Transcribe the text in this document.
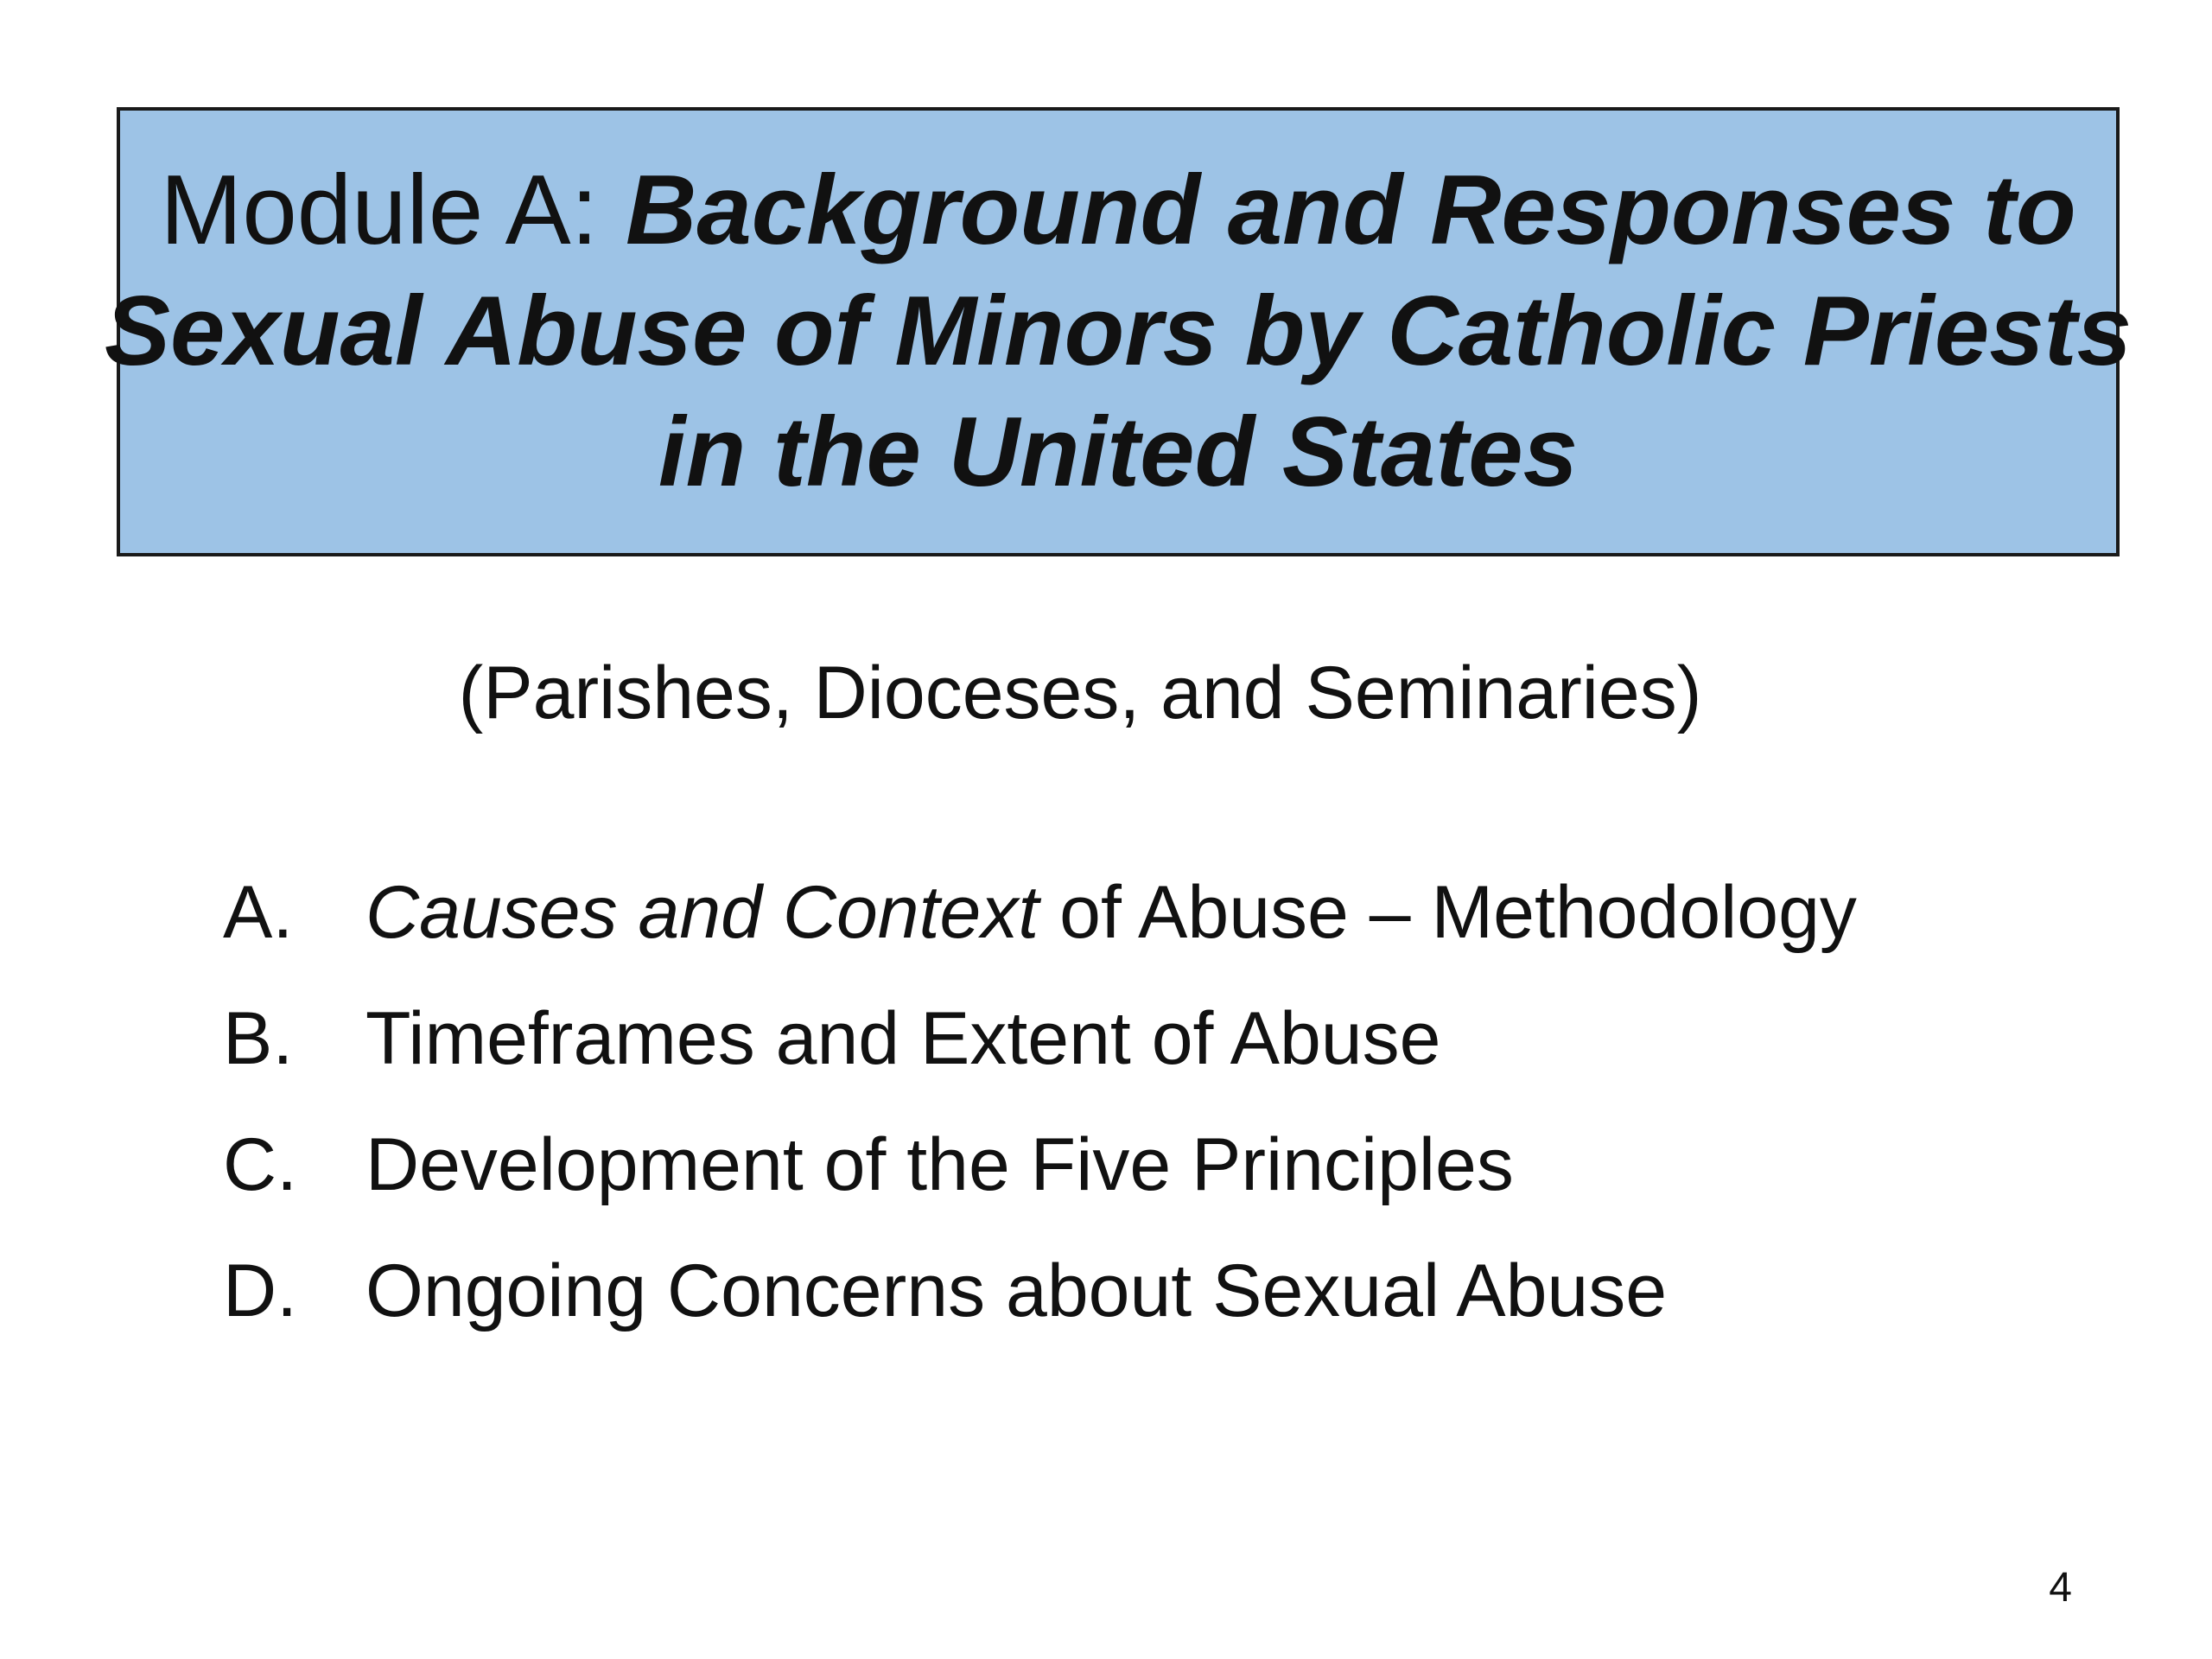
Module A: Background and Responses to
Sexual Abuse of Minors by Catholic Priests
in the United States
(Parishes, Dioceses, and Seminaries)
A. Causes and Context of Abuse – Methodology
B. Timeframes and Extent of Abuse
C. Development of the Five Principles
D. Ongoing Concerns about Sexual Abuse
4
